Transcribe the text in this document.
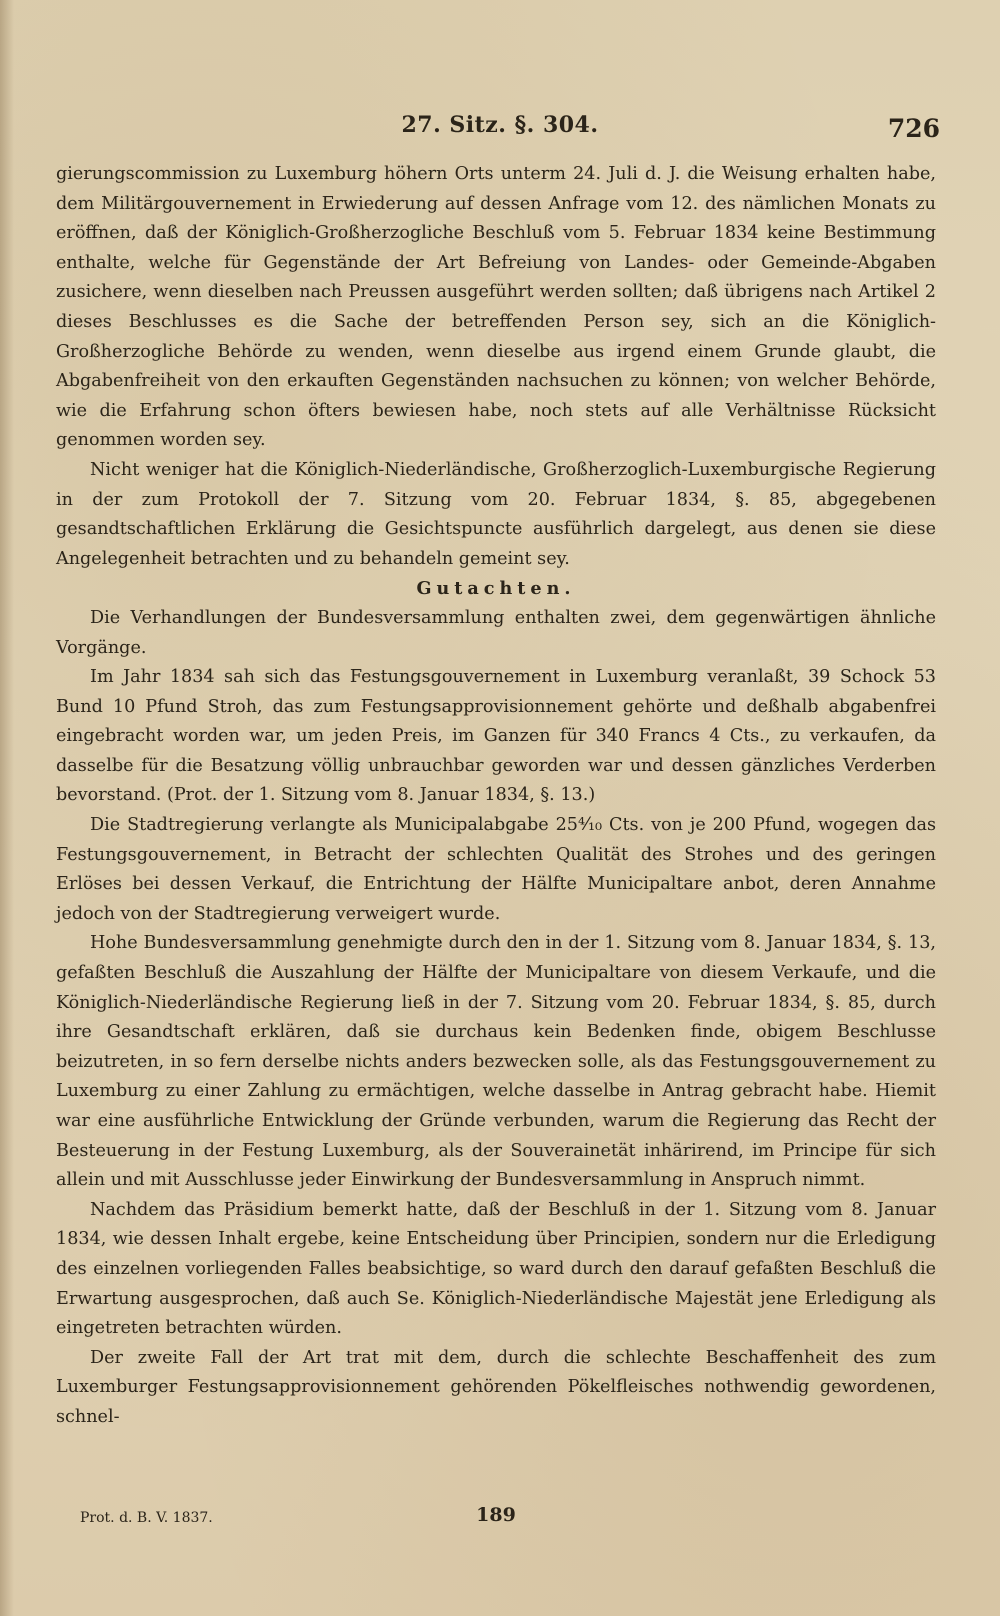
27. Sitz. §. 304.	726

gierungscommission zu Luxemburg höhern Orts unterm 24. Juli d. J. die Weisung erhalten habe, dem Militärgouvernement in Erwiederung auf dessen Anfrage vom 12. des nämlichen Monats zu eröffnen, daß der Königlich-Großherzogliche Beschluß vom 5. Februar 1834 keine Bestimmung enthalte, welche für Gegenstände der Art Befreiung von Landes- oder Gemeinde-Abgaben zusichere, wenn dieselben nach Preussen ausgeführt werden sollten; daß übrigens nach Artikel 2 dieses Beschlusses es die Sache der betreffenden Person sey, sich an die Königlich-Großherzogliche Behörde zu wenden, wenn dieselbe aus irgend einem Grunde glaubt, die Abgabenfreiheit von den erkauften Gegenständen nachsuchen zu können; von welcher Behörde, wie die Erfahrung schon öfters bewiesen habe, noch stets auf alle Verhältnisse Rücksicht genommen worden sey.

Nicht weniger hat die Königlich-Niederländische, Großherzoglich-Luxemburgische Regierung in der zum Protokoll der 7. Sitzung vom 20. Februar 1834, §. 85, abgegebenen gesandtschaftlichen Erklärung die Gesichtspuncte ausführlich dargelegt, aus denen sie diese Angelegenheit betrachten und zu behandeln gemeint sey.

Gutachten.

Die Verhandlungen der Bundesversammlung enthalten zwei, dem gegenwärtigen ähnliche Vorgänge.

Im Jahr 1834 sah sich das Festungsgouvernement in Luxemburg veranlaßt, 39 Schock 53 Bund 10 Pfund Stroh, das zum Festungsapprovisionnement gehörte und deßhalb abgabenfrei eingebracht worden war, um jeden Preis, im Ganzen für 340 Francs 4 Cts., zu verkaufen, da dasselbe für die Besatzung völlig unbrauchbar geworden war und dessen gänzliches Verderben bevorstand. (Prot. der 1. Sitzung vom 8. Januar 1834, §. 13.)

Die Stadtregierung verlangte als Municipalabgabe 25⁴⁄₁₀ Cts. von je 200 Pfund, wogegen das Festungsgouvernement, in Betracht der schlechten Qualität des Strohes und des geringen Erlöses bei dessen Verkauf, die Entrichtung der Hälfte Municipaltare anbot, deren Annahme jedoch von der Stadtregierung verweigert wurde.

Hohe Bundesversammlung genehmigte durch den in der 1. Sitzung vom 8. Januar 1834, §. 13, gefaßten Beschluß die Auszahlung der Hälfte der Municipaltare von diesem Verkaufe, und die Königlich-Niederländische Regierung ließ in der 7. Sitzung vom 20. Februar 1834, §. 85, durch ihre Gesandtschaft erklären, daß sie durchaus kein Bedenken finde, obigem Beschlusse beizutreten, in so fern derselbe nichts anders bezwecken solle, als das Festungsgouvernement zu Luxemburg zu einer Zahlung zu ermächtigen, welche dasselbe in Antrag gebracht habe. Hiemit war eine ausführliche Entwicklung der Gründe verbunden, warum die Regierung das Recht der Besteuerung in der Festung Luxemburg, als der Souverainetät inhärirend, im Principe für sich allein und mit Ausschlusse jeder Einwirkung der Bundesversammlung in Anspruch nimmt.

Nachdem das Präsidium bemerkt hatte, daß der Beschluß in der 1. Sitzung vom 8. Januar 1834, wie dessen Inhalt ergebe, keine Entscheidung über Principien, sondern nur die Erledigung des einzelnen vorliegenden Falles beabsichtige, so ward durch den darauf gefaßten Beschluß die Erwartung ausgesprochen, daß auch Se. Königlich-Niederländische Majestät jene Erledigung als eingetreten betrachten würden.

Der zweite Fall der Art trat mit dem, durch die schlechte Beschaffenheit des zum Luxemburger Festungsapprovisionnement gehörenden Pökelfleisches nothwendig gewordenen, schnel-

Prot. d. B. V. 1837.	189
